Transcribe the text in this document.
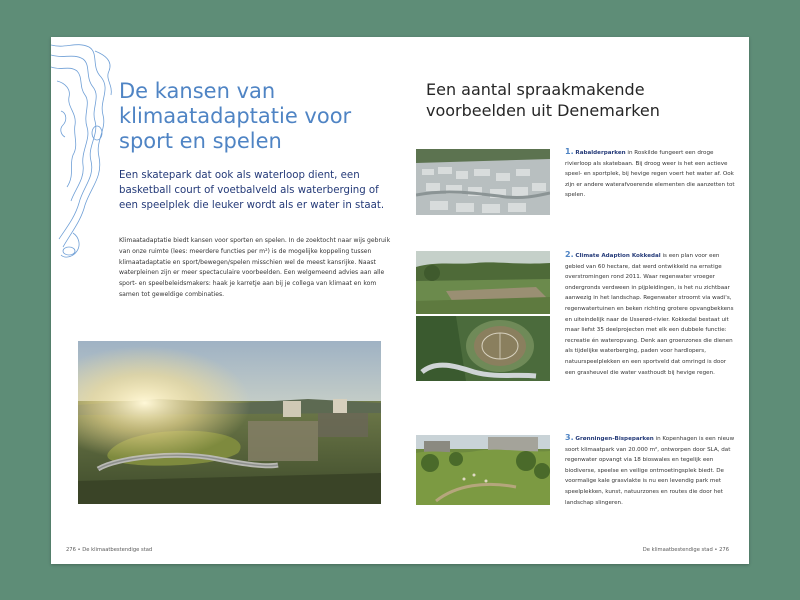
De kansen van klimaatadaptatie voor sport en spelen

Een skatepark dat ook als waterloop dient, een basketball court of voetbalveld als waterberging of een speelplek die leuker wordt als er water in staat.

Klimaatadaptatie biedt kansen voor sporten en spelen. In de zoektocht naar wijs gebruik van onze ruimte (lees: meerdere functies per m²) is de mogelijke koppeling tussen klimaatadaptatie en sport/bewegen/spelen misschien wel de meest kansrijke. Naast waterpleinen zijn er meer spectaculaire voorbeelden. Een welgemeend advies aan alle sport- en speelbeleidsmakers: haak je karretje aan bij je collega van klimaat en kom samen tot geweldige combinaties.

276 • De klimaatbestendige stad
Een aantal spraakmakende voorbeelden uit Denemarken

1. Rabalderparken in Roskilde fungeert een droge rivierloop als skatebaan. Bij droog weer is het een actieve speel- en sportplek, bij hevige regen voert het water af. Ook zijn er andere waterafvoerende elementen die aanzetten tot spelen.

2. Climate Adaption Kokkedal is een plan voor een gebied van 60 hectare, dat werd ontwikkeld na ernstige overstromingen rond 2011. Waar regenwater vroeger ondergronds verdween in pijpleidingen, is het nu zichtbaar aanwezig in het landschap. Regenwater stroomt via wadi's, regenwatertuinen en beken richting grotere opvangbekkens en uiteindelijk naar de Usserød-rivier. Kokkedal bestaat uit maar liefst 35 deelprojecten met elk een dubbele functie: recreatie én wateropvang. Denk aan groenzones die dienen als tijdelijke waterberging, paden voor hardlopers, natuurspeelplekken en een sportveld dat omringd is door een grasheuvel die water vasthoudt bij hevige regen.

3. Grønningen-Bispeparken in Kopenhagen is een nieuw soort klimaatpark van 20.000 m², ontworpen door SLA, dat regenwater opvangt via 18 bioswales en tegelijk een biodiverse, speelse en veilige ontmoetingsplek biedt. De voormalige kale grasvlakte is nu een levendig park met speelplekken, kunst, natuurzones en routes die door het landschap slingeren.

De klimaatbestendige stad • 276
